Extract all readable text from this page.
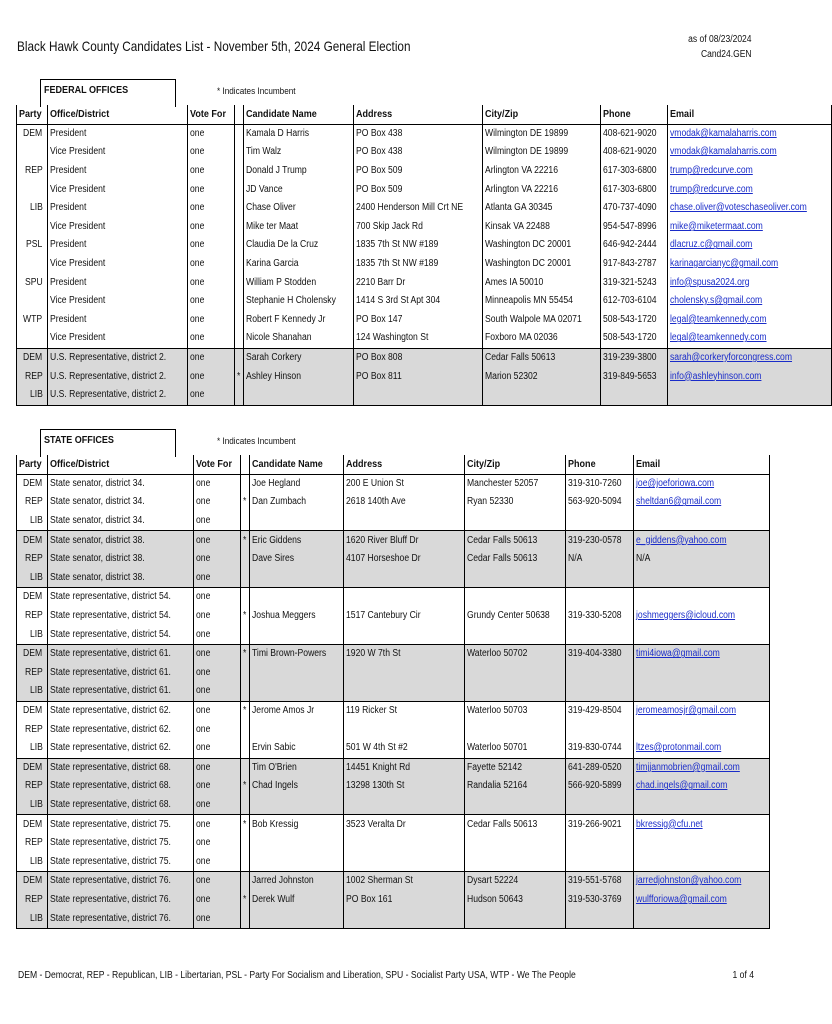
Black Hawk County Candidates List - November 5th, 2024 General Election	as of 08/23/2024
Cand24.GEN
FEDERAL OFFICES	* Indicates Incumbent
Party	Office/District	Vote For		Candidate Name	Address	City/Zip	Phone	Email
DEM	President	one		Kamala D Harris	PO Box 438	Wilmington DE 19899	408-621-9020	vmodak@kamalaharris.com
	Vice President	one		Tim Walz	PO Box 438	Wilmington DE 19899	408-621-9020	vmodak@kamalaharris.com
REP	President	one		Donald J Trump	PO Box 509	Arlington VA 22216	617-303-6800	trump@redcurve.com
	Vice President	one		JD Vance	PO Box 509	Arlington VA 22216	617-303-6800	trump@redcurve.com
LIB	President	one		Chase Oliver	2400 Henderson Mill Crt NE	Atlanta GA 30345	470-737-4090	chase.oliver@voteschaseoliver.com
	Vice President	one		Mike ter Maat	700 Skip Jack Rd	Kinsak VA 22488	954-547-8996	mike@miketermaat.com
PSL	President	one		Claudia De la Cruz	1835 7th St NW #189	Washington DC 20001	646-942-2444	dlacruz.c@gmail.com
	Vice President	one		Karina Garcia	1835 7th St NW #189	Washington DC 20001	917-843-2787	karinagarcianyc@gmail.com
SPU	President	one		William P Stodden	2210 Barr Dr	Ames IA 50010	319-321-5243	info@spusa2024.org
	Vice President	one		Stephanie H Cholensky	1414 S 3rd St Apt 304	Minneapolis MN 55454	612-703-6104	cholensky.s@gmail.com
WTP	President	one		Robert F Kennedy Jr	PO Box 147	South Walpole MA 02071	508-543-1720	legal@teamkennedy.com
	Vice President	one		Nicole Shanahan	124 Washington St	Foxboro MA 02036	508-543-1720	legal@teamkennedy.com
DEM	U.S. Representative, district 2.	one		Sarah Corkery	PO Box 808	Cedar Falls 50613	319-239-3800	sarah@corkeryforcongress.com
REP	U.S. Representative, district 2.	one	*	Ashley Hinson	PO Box 811	Marion 52302	319-849-5653	info@ashleyhinson.com
LIB	U.S. Representative, district 2.	one						
STATE OFFICES	* Indicates Incumbent
Party	Office/District	Vote For		Candidate Name	Address	City/Zip	Phone	Email
DEM	State senator, district 34.	one		Joe Hegland	200 E Union St	Manchester 52057	319-310-7260	joe@joeforiowa.com
REP	State senator, district 34.	one	*	Dan Zumbach	2618 140th Ave	Ryan 52330	563-920-5094	sheltdan6@gmail.com
LIB	State senator, district 34.	one						
DEM	State senator, district 38.	one	*	Eric Giddens	1620 River Bluff Dr	Cedar Falls 50613	319-230-0578	e_giddens@yahoo.com
REP	State senator, district 38.	one		Dave Sires	4107 Horseshoe Dr	Cedar Falls 50613	N/A	N/A
LIB	State senator, district 38.	one						
DEM	State representative, district 54.	one						
REP	State representative, district 54.	one	*	Joshua Meggers	1517 Cantebury Cir	Grundy Center 50638	319-330-5208	joshmeggers@icloud.com
LIB	State representative, district 54.	one						
DEM	State representative, district 61.	one	*	Timi Brown-Powers	1920 W 7th St	Waterloo 50702	319-404-3380	timi4iowa@gmail.com
REP	State representative, district 61.	one						
LIB	State representative, district 61.	one						
DEM	State representative, district 62.	one	*	Jerome Amos Jr	119 Ricker St	Waterloo 50703	319-429-8504	jeromeamosjr@gmail.com
REP	State representative, district 62.	one						
LIB	State representative, district 62.	one		Ervin Sabic	501 W 4th St #2	Waterloo 50701	319-830-0744	ltzes@protonmail.com
DEM	State representative, district 68.	one		Tim O'Brien	14451 Knight Rd	Fayette 52142	641-289-0520	timjjanmobrien@gmail.com
REP	State representative, district 68.	one	*	Chad Ingels	13298 130th St	Randalia 52164	566-920-5899	chad.ingels@gmail.com
LIB	State representative, district 68.	one						
DEM	State representative, district 75.	one	*	Bob Kressig	3523 Veralta Dr	Cedar Falls 50613	319-266-9021	bkressig@cfu.net
REP	State representative, district 75.	one						
LIB	State representative, district 75.	one						
DEM	State representative, district 76.	one		Jarred Johnston	1002 Sherman St	Dysart 52224	319-551-5768	jarredjohnston@yahoo.com
REP	State representative, district 76.	one	*	Derek Wulf	PO Box 161	Hudson 50643	319-530-3769	wulfforiowa@gmail.com
LIB	State representative, district 76.	one						
DEM - Democrat, REP - Republican, LIB - Libertarian, PSL - Party For Socialism and Liberation, SPU - Socialist Party USA, WTP - We The People	1 of 4
